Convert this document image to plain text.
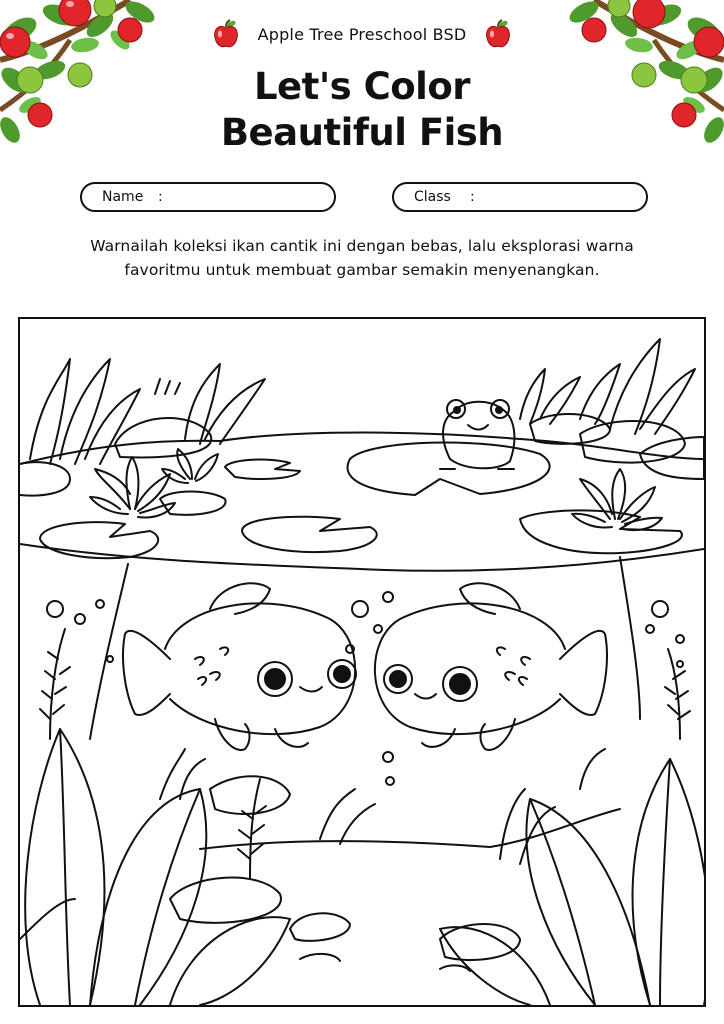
Apple Tree Preschool BSD
Let's Color
Beautiful Fish
Name	:	Class	:
Warnailah koleksi ikan cantik ini dengan bebas, lalu eksplorasi warna
favoritmu untuk membuat gambar semakin menyenangkan.
